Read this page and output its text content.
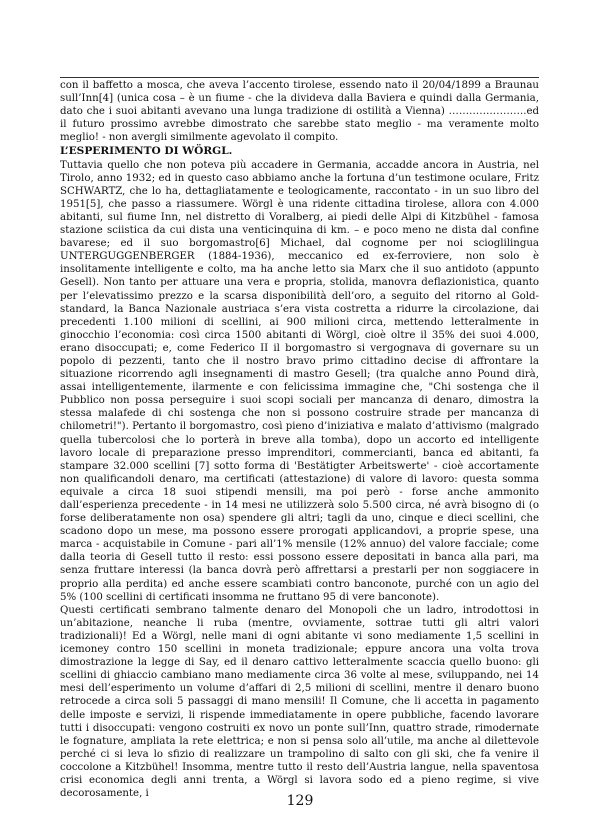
con il baffetto a mosca, che aveva l’accento tirolese, essendo nato il 20/04/1899 a Braunau sull’Inn[4] (unica cosa – è un fiume - che la divideva dalla Baviera e quindi dalla Germania, dato che i suoi abitanti avevano una lunga tradizione di ostilità a Vienna) …………………..ed il futuro prossimo avrebbe dimostrato che sarebbe stato meglio - ma veramente molto meglio! - non avergli similmente agevolato il compito.

L’ESPERIMENTO DI WÖRGL.

Tuttavia quello che non poteva più accadere in Germania, accadde ancora in Austria, nel Tirolo, anno 1932; ed in questo caso abbiamo anche la fortuna d’un testimone oculare, Fritz SCHWARTZ, che lo ha, dettagliatamente e teologicamente, raccontato - in un suo libro del 1951[5], che passo a riassumere. Wörgl è una ridente cittadina tirolese, allora con 4.000 abitanti, sul fiume Inn, nel distretto di Voralberg, ai piedi delle Alpi di Kitzbühel - famosa stazione sciistica da cui dista una venticinquina di km. – e poco meno ne dista dal confine bavarese; ed il suo borgomastro[6] Michael, dal cognome per noi scioglilingua UNTERGUGGENBERGER (1884-1936), meccanico ed ex-ferroviere, non solo è insolitamente intelligente e colto, ma ha anche letto sia Marx che il suo antidoto (appunto Gesell). Non tanto per attuare una vera e propria, stolida, manovra deflazionistica, quanto per l’elevatissimo prezzo e la scarsa disponibilità dell’oro, a seguito del ritorno al Gold-standard, la Banca Nazionale austriaca s’era vista costretta a ridurre la circolazione, dai precedenti 1.100 milioni di scellini, ai 900 milioni circa, mettendo letteralmente in ginocchio l’economia: così circa 1500 abitanti di Wörgl, cioè oltre il 35% dei suoi 4.000, erano disoccupati; e, come Federico II il borgomastro si vergognava di governare su un popolo di pezzenti, tanto che il nostro bravo primo cittadino decise di affrontare la situazione ricorrendo agli insegnamenti di mastro Gesell; (tra qualche anno Pound dirà, assai intelligentemente, ilarmente e con felicissima immagine che, "Chi sostenga che il Pubblico non possa perseguire i suoi scopi sociali per mancanza di denaro, dimostra la stessa malafede di chi sostenga che non si possono costruire strade per mancanza di chilometri!"). Pertanto il borgomastro, così pieno d’iniziativa e malato d’attivismo (malgrado quella tubercolosi che lo porterà in breve alla tomba), dopo un accorto ed intelligente lavoro locale di preparazione presso imprenditori, commercianti, banca ed abitanti, fa stampare 32.000 scellini [7] sotto forma di 'Bestätigter Arbeitswerte' - cioè accortamente non qualificandoli denaro, ma certificati (attestazione) di valore di lavoro: questa somma equivale a circa 18 suoi stipendi mensili, ma poi però - forse anche ammonito dall’esperienza precedente - in 14 mesi ne utilizzerà solo 5.500 circa, né avrà bisogno di (o forse deliberatamente non osa) spendere gli altri; tagli da uno, cinque e dieci scellini, che scadono dopo un mese, ma possono essere prorogati applicandovi, a proprie spese, una marca - acquistabile in Comune - pari all’1% mensile (12% annuo) del valore facciale; come dalla teoria di Gesell tutto il resto: essi possono essere depositati in banca alla pari, ma senza fruttare interessi (la banca dovrà però affrettarsi a prestarli per non soggiacere in proprio alla perdita) ed anche essere scambiati contro banconote, purché con un agio del 5% (100 scellini di certificati insomma ne fruttano 95 di vere banconote).

Questi certificati sembrano talmente denaro del Monopoli che un ladro, introdottosi in un’abitazione, neanche li ruba (mentre, ovviamente, sottrae tutti gli altri valori tradizionali)! Ed a Wörgl, nelle mani di ogni abitante vi sono mediamente 1,5 scellini in icemoney contro 150 scellini in moneta tradizionale; eppure ancora una volta trova dimostrazione la legge di Say, ed il denaro cattivo letteralmente scaccia quello buono: gli scellini di ghiaccio cambiano mano mediamente circa 36 volte al mese, sviluppando, nei 14 mesi dell’esperimento un volume d’affari di 2,5 milioni di scellini, mentre il denaro buono retrocede a circa soli 5 passaggi di mano mensili! Il Comune, che li accetta in pagamento delle imposte e servizi, li rispende immediatamente in opere pubbliche, facendo lavorare tutti i disoccupati: vengono costruiti ex novo un ponte sull’Inn, quattro strade, rimodernate le fognature, ampliata la rete elettrica; e non si pensa solo all’utile, ma anche al dilettevole perché ci si leva lo sfizio di realizzare un trampolino di salto con gli ski, che fa venire il coccolone a Kitzbühel! Insomma, mentre tutto il resto dell’Austria langue, nella spaventosa crisi economica degli anni trenta, a Wörgl si lavora sodo ed a pieno regime, si vive decorosamente, i	129
